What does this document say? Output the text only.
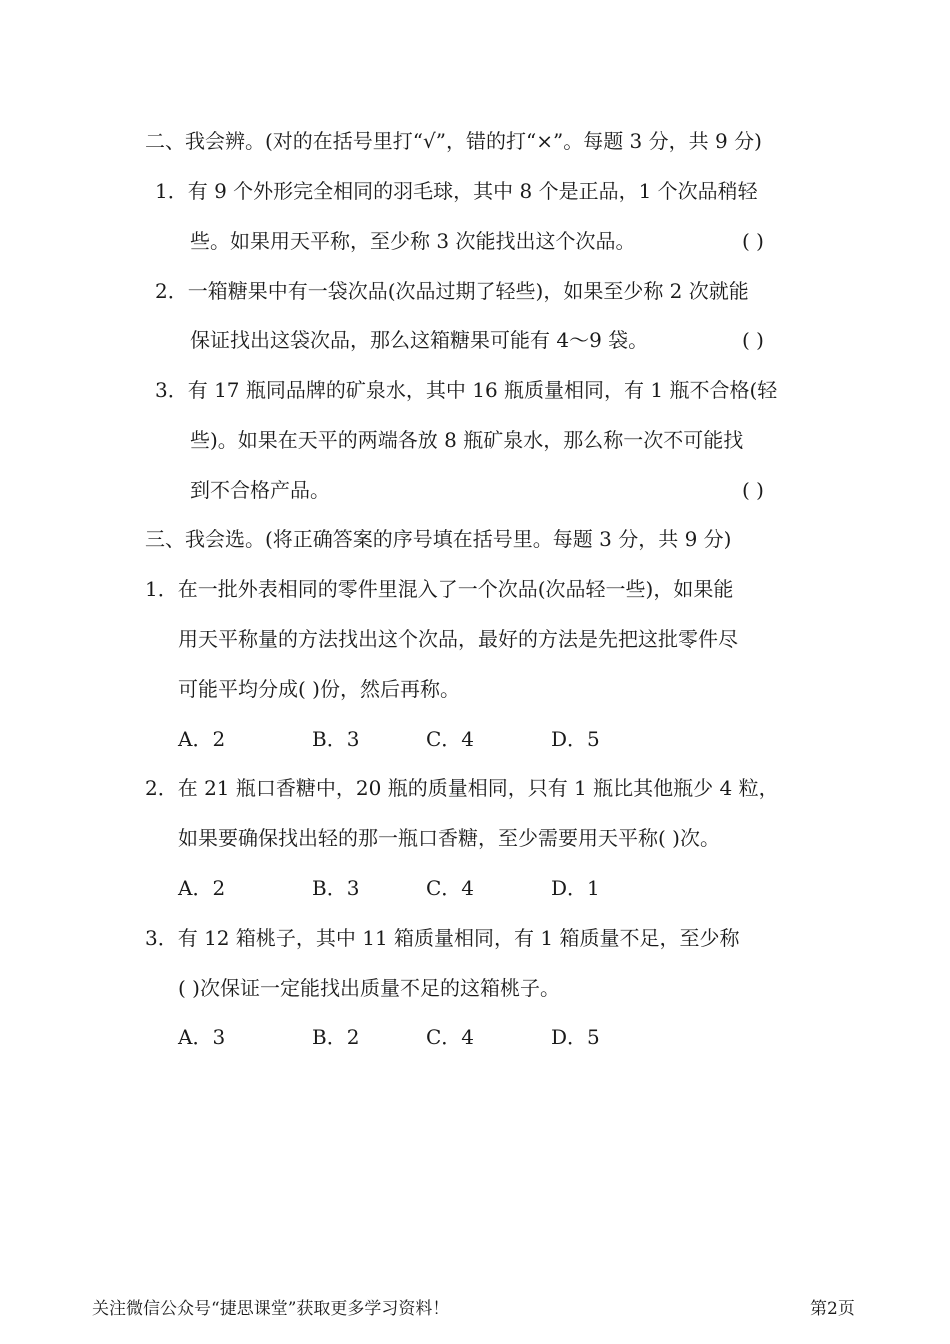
二、我会辨。(对的在括号里打“√”，错的打“×”。每题 3 分，共 9 分)
1．有 9 个外形完全相同的羽毛球，其中 8 个是正品，1 个次品稍轻
些。如果用天平称，至少称 3 次能找出这个次品。	( )
2．一箱糖果中有一袋次品(次品过期了轻些)，如果至少称 2 次就能
保证找出这袋次品，那么这箱糖果可能有 4～9 袋。	( )
3．有 17 瓶同品牌的矿泉水，其中 16 瓶质量相同，有 1 瓶不合格(轻
些)。如果在天平的两端各放 8 瓶矿泉水，那么称一次不可能找
到不合格产品。	( )
三、我会选。(将正确答案的序号填在括号里。每题 3 分，共 9 分)
1．在一批外表相同的零件里混入了一个次品(次品轻一些)，如果能
用天平称量的方法找出这个次品，最好的方法是先把这批零件尽
可能平均分成( )份，然后再称。
A．2	B．3	C．4	D．5
2．在 21 瓶口香糖中，20 瓶的质量相同，只有 1 瓶比其他瓶少 4 粒，
如果要确保找出轻的那一瓶口香糖，至少需要用天平称( )次。
A．2	B．3	C．4	D．1
3．有 12 箱桃子，其中 11 箱质量相同，有 1 箱质量不足，至少称
( )次保证一定能找出质量不足的这箱桃子。
A．3	B．2	C．4	D．5
关注微信公众号“捷思课堂”获取更多学习资料！	第2页
